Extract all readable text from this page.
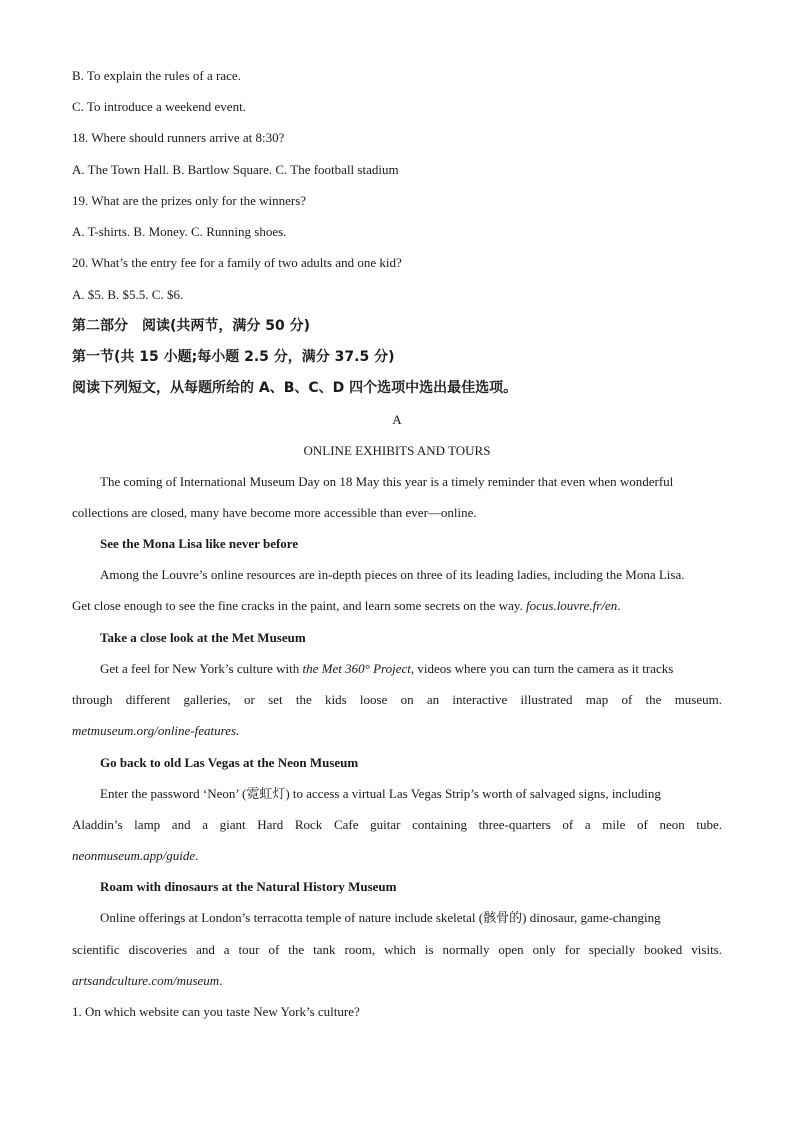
B. To explain the rules of a race.
C. To introduce a weekend event.
18. Where should runners arrive at 8:30?
A. The Town Hall. B. Bartlow Square. C. The football stadium
19. What are the prizes only for the winners?
A. T-shirts. B. Money. C. Running shoes.
20. What’s the entry fee for a family of two adults and one kid?
A. $5. B. $5.5. C. $6.
第二部分　阅读(共两节，满分 50 分)
第一节(共 15 小题;每小题 2.5 分，满分 37.5 分)
阅读下列短文，从每题所给的 A、B、C、D 四个选项中选出最佳选项。
A
ONLINE EXHIBITS AND TOURS
The coming of International Museum Day on 18 May this year is a timely reminder that even when wonderful
collections are closed, many have become more accessible than ever—online.
See the Mona Lisa like never before
Among the Louvre’s online resources are in-depth pieces on three of its leading ladies, including the Mona Lisa.
Get close enough to see the fine cracks in the paint, and learn some secrets on the way. focus.louvre.fr/en.
Take a close look at the Met Museum
Get a feel for New York’s culture with the Met 360° Project, videos where you can turn the camera as it tracks
through different galleries, or set the kids loose on an interactive illustrated map of the museum.
metmuseum.org/online-features.
Go back to old Las Vegas at the Neon Museum
Enter the password ‘Neon’ (霓虹灯) to access a virtual Las Vegas Strip’s worth of salvaged signs, including
Aladdin’s lamp and a giant Hard Rock Cafe guitar containing three-quarters of a mile of neon tube.
neonmuseum.app/guide.
Roam with dinosaurs at the Natural History Museum
Online offerings at London’s terracotta temple of nature include skeletal (骸骨的) dinosaur, game-changing
scientific discoveries and a tour of the tank room, which is normally open only for specially booked visits.
artsandculture.com/museum.
1. On which website can you taste New York’s culture?
